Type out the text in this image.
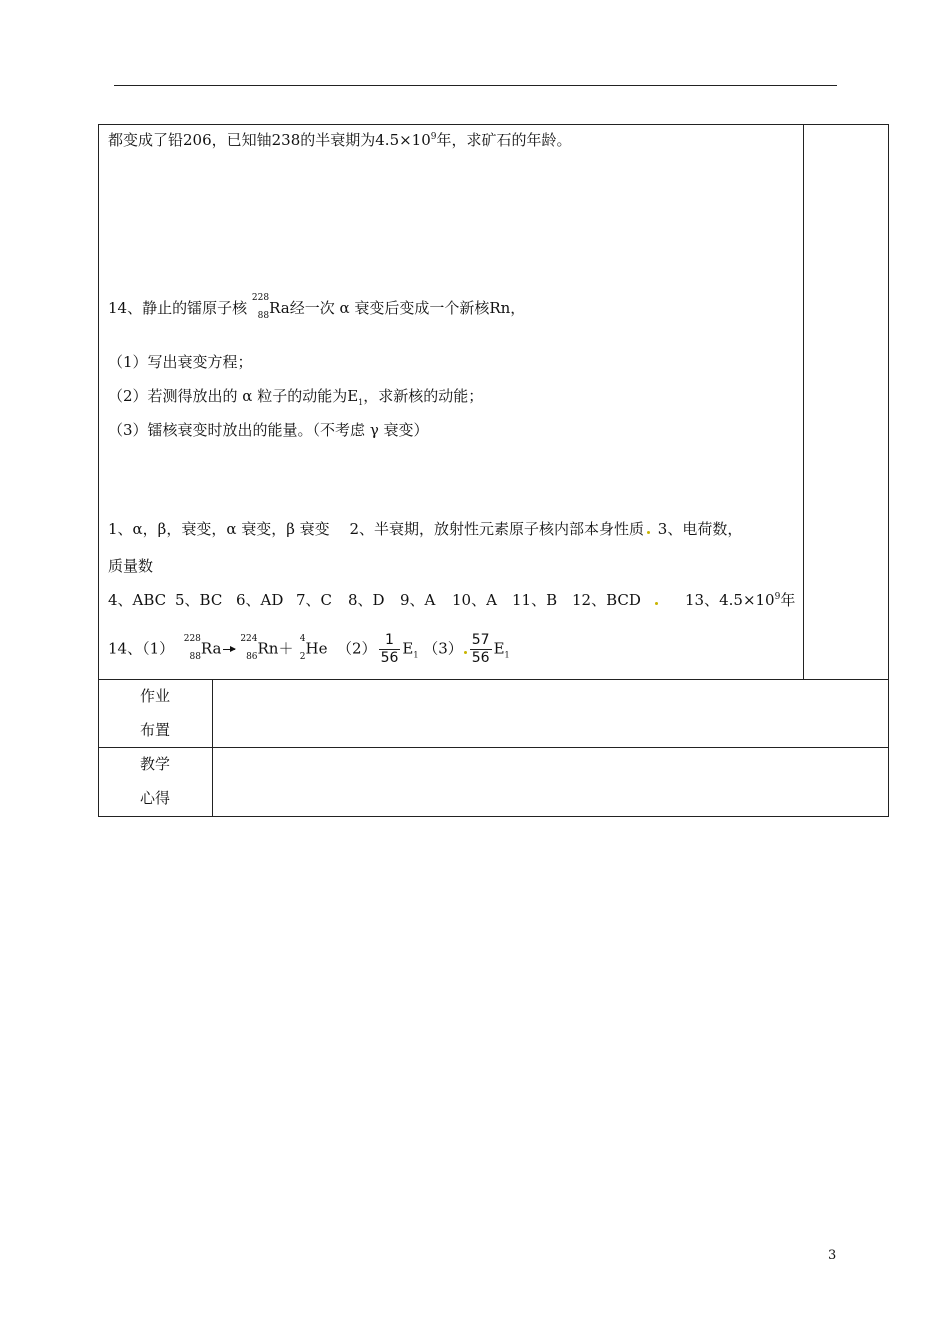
都变成了铅206，已知铀238的半衰期为$4.5\times 10^9$年，求矿石的年龄。
14、静止的镭原子核
228
88 Ra经一次 α 衰变后变成一个新核Rn，
（1）写出衰变方程；
（2）若测得放出的 α 粒子的动能为$E_1$，求新核的动能；
（3）镭核衰变时放出的能量。（不考虑 γ 衰变）
1、α，β，衰变，α 衰变，β 衰变　 2、半衰期，放射性元素原子核内部本身性质 3、电荷数，
质量数
4、ABC 5、BC 6、AD 7、C 8、D 9、A 10、A 11、B 12、BCD	13、$4.5\times 10^9$年
14、（1）
228
88 Ra
224
86 Rn＋
4
2 He $(2) \frac{1}{56} E_1$ $(3) \frac{57}{56} E_1$
作业
布置
教学
心得
3
